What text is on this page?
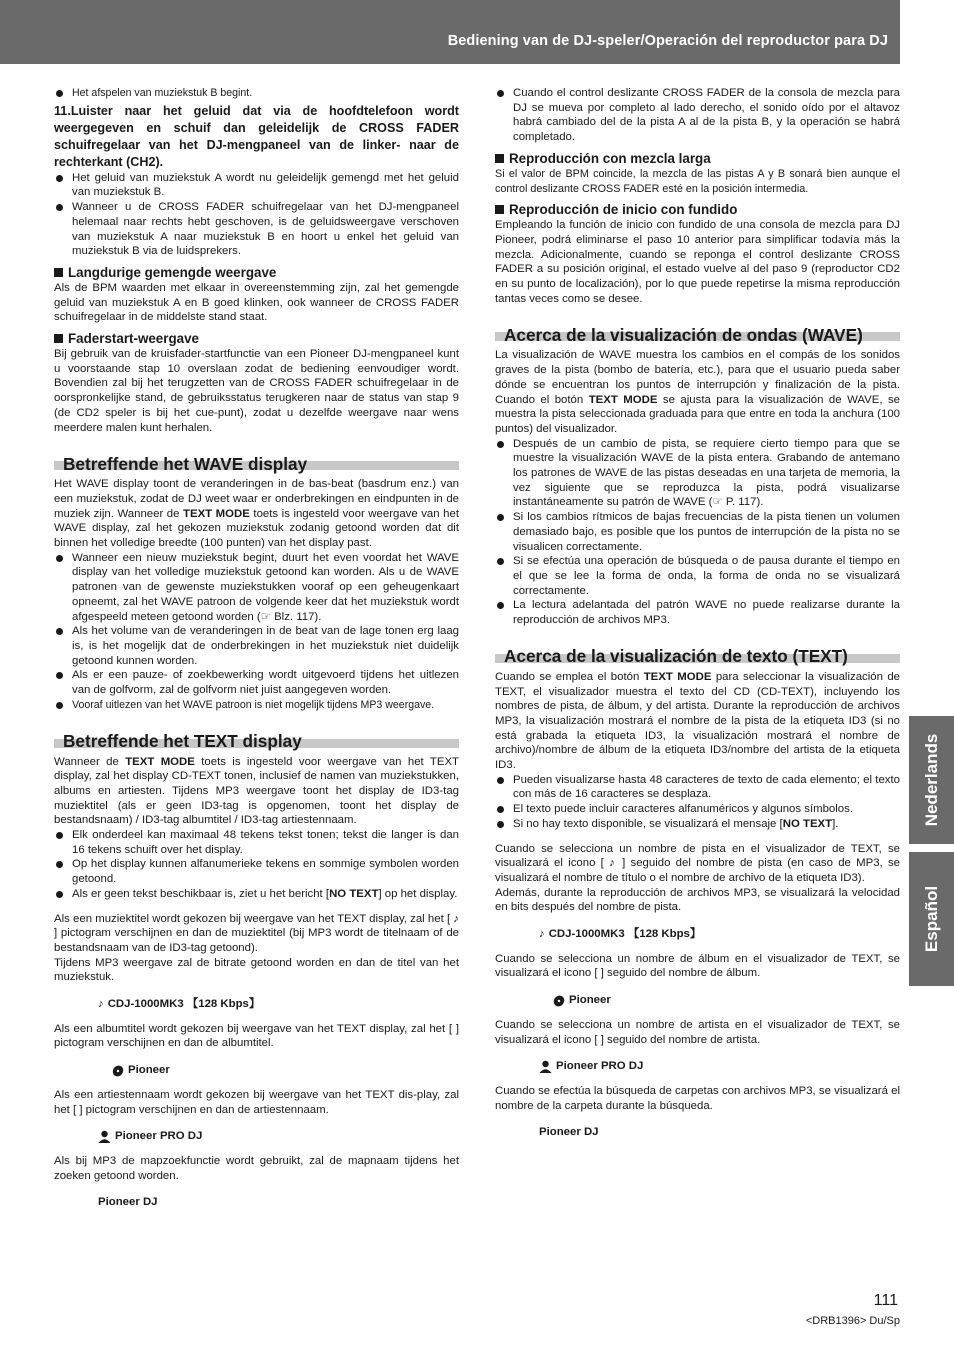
Bediening van de DJ-speler/Operación del reproductor para DJ

Het afspelen van muziekstuk B begint.

11.Luister naar het geluid dat via de hoofdtelefoon wordt weergegeven en schuif dan geleidelijk de CROSS FADER schuifregelaar van het DJ-mengpaneel van de linker- naar de rechterkant (CH2).

Het geluid van muziekstuk A wordt nu geleidelijk gemengd met het geluid van muziekstuk B.

Wanneer u de CROSS FADER schuifregelaar van het DJ-mengpaneel helemaal naar rechts hebt geschoven, is de geluidsweergave verschoven van muziekstuk A naar muziekstuk B en hoort u enkel het geluid van muziekstuk B via de luidsprekers.

Langdurige gemengde weergave

Als de BPM waarden met elkaar in overeenstemming zijn, zal het gemengde geluid van muziekstuk A en B goed klinken, ook wanneer de CROSS FADER schuifregelaar in de middelste stand staat.

Faderstart-weergave

Bij gebruik van de kruisfader-startfunctie van een Pioneer DJ-mengpaneel kunt u voorstaande stap 10 overslaan zodat de bediening eenvoudiger wordt. Bovendien zal bij het terugzetten van de CROSS FADER schuifregelaar in de oorspronkelijke stand, de gebruiksstatus terugkeren naar de status van stap 9 (de CD2 speler is bij het cue-punt), zodat u dezelfde weergave naar wens meerdere malen kunt herhalen.

Betreffende het WAVE display

Het WAVE display toont de veranderingen in de bas-beat (basdrum enz.) van een muziekstuk, zodat de DJ weet waar er onderbrekingen en eindpunten in de muziek zijn. Wanneer de TEXT MODE toets is ingesteld voor weergave van het WAVE display, zal het gekozen muziekstuk zodanig getoond worden dat dit binnen het volledige breedte (100 punten) van het display past.

Wanneer een nieuw muziekstuk begint, duurt het even voordat het WAVE display van het volledige muziekstuk getoond kan worden. Als u de WAVE patronen van de gewenste muziekstukken vooraf op een geheugenkaart opneemt, zal het WAVE patroon de volgende keer dat het muziekstuk wordt afgespeeld meteen getoond worden (☞ Blz. 117).

Als het volume van de veranderingen in de beat van de lage tonen erg laag is, is het mogelijk dat de onderbrekingen in het muziekstuk niet duidelijk getoond kunnen worden.

Als er een pauze- of zoekbewerking wordt uitgevoerd tijdens het uitlezen van de golfvorm, zal de golfvorm niet juist aangegeven worden.

Vooraf uitlezen van het WAVE patroon is niet mogelijk tijdens MP3 weergave.

Betreffende het TEXT display

Wanneer de TEXT MODE toets is ingesteld voor weergave van het TEXT display, zal het display CD-TEXT tonen, inclusief de namen van muziekstukken, albums en artiesten. Tijdens MP3 weergave toont het display de ID3-tag muziektitel (als er geen ID3-tag is opgenomen, toont het display de bestandsnaam) / ID3-tag albumtitel / ID3-tag artiestennaam.

Elk onderdeel kan maximaal 48 tekens tekst tonen; tekst die langer is dan 16 tekens schuift over het display.

Op het display kunnen alfanumerieke tekens en sommige symbolen worden getoond.

Als er geen tekst beschikbaar is, ziet u het bericht [NO TEXT] op het display.

Als een muziektitel wordt gekozen bij weergave van het TEXT display, zal het [ ♪ ] pictogram verschijnen en dan de muziektitel (bij MP3 wordt de titelnaam of de bestandsnaam van de ID3-tag getoond).
Tijdens MP3 weergave zal de bitrate getoond worden en dan de titel van het muziekstuk.

♪ CDJ-1000MK3 【128 Kbps】

Als een albumtitel wordt gekozen bij weergave van het TEXT display, zal het [ ] pictogram verschijnen en dan de albumtitel.

Pioneer

Als een artiestennaam wordt gekozen bij weergave van het TEXT dis-play, zal het [ ] pictogram verschijnen en dan de artiestennaam.

Pioneer PRO DJ

Als bij MP3 de mapzoekfunctie wordt gebruikt, zal de mapnaam tijdens het zoeken getoond worden.

Pioneer DJ

Cuando el control deslizante CROSS FADER de la consola de mezcla para DJ se mueva por completo al lado derecho, el sonido oído por el altavoz habrá cambiado del de la pista A al de la pista B, y la operación se habrá completado.

Reproducción con mezcla larga

Si el valor de BPM coincide, la mezcla de las pistas A y B sonará bien aunque el control deslizante CROSS FADER esté en la posición intermedia.

Reproducción de inicio con fundido

Empleando la función de inicio con fundido de una consola de mezcla para DJ Pioneer, podrá eliminarse el paso 10 anterior para simplificar todavía más la mezcla. Adicionalmente, cuando se reponga el control deslizante CROSS FADER a su posición original, el estado vuelve al del paso 9 (reproductor CD2 en su punto de localización), por lo que puede repetirse la misma reproducción tantas veces como se desee.

Acerca de la visualización de ondas (WAVE)

La visualización de WAVE muestra los cambios en el compás de los sonidos graves de la pista (bombo de batería, etc.), para que el usuario pueda saber dónde se encuentran los puntos de interrupción y finalización de la pista. Cuando el botón TEXT MODE se ajusta para la visualización de WAVE, se muestra la pista seleccionada graduada para que entre en toda la anchura (100 puntos) del visualizador.

Después de un cambio de pista, se requiere cierto tiempo para que se muestre la visualización WAVE de la pista entera. Grabando de antemano los patrones de WAVE de las pistas deseadas en una tarjeta de memoria, la vez siguiente que se reproduzca la pista, podrá visualizarse instantáneamente su patrón de WAVE (☞ P. 117).

Si los cambios rítmicos de bajas frecuencias de la pista tienen un volumen demasiado bajo, es posible que los puntos de interrupción de la pista no se visualicen correctamente.

Si se efectúa una operación de búsqueda o de pausa durante el tiempo en el que se lee la forma de onda, la forma de onda no se visualizará correctamente.

La lectura adelantada del patrón WAVE no puede realizarse durante la reproducción de archivos MP3.

Acerca de la visualización de texto (TEXT)

Cuando se emplea el botón TEXT MODE para seleccionar la visualización de TEXT, el visualizador muestra el texto del CD (CD-TEXT), incluyendo los nombres de pista, de álbum, y del artista. Durante la reproducción de archivos MP3, la visualización mostrará el nombre de la pista de la etiqueta ID3 (si no está grabada la etiqueta ID3, la visualización mostrará el nombre de archivo)/nombre de álbum de la etiqueta ID3/nombre del artista de la etiqueta ID3.

Pueden visualizarse hasta 48 caracteres de texto de cada elemento; el texto con más de 16 caracteres se desplaza.

El texto puede incluir caracteres alfanuméricos y algunos símbolos.

Si no hay texto disponible, se visualizará el mensaje [NO TEXT].

Cuando se selecciona un nombre de pista en el visualizador de TEXT, se visualizará el icono [ ♪ ] seguido del nombre de pista (en caso de MP3, se visualizará el nombre de título o el nombre de archivo de la etiqueta ID3).
Además, durante la reproducción de archivos MP3, se visualizará la velocidad en bits después del nombre de pista.

♪ CDJ-1000MK3 【128 Kbps】

Cuando se selecciona un nombre de álbum en el visualizador de TEXT, se visualizará el icono [ ] seguido del nombre de álbum.

Pioneer

Cuando se selecciona un nombre de artista en el visualizador de TEXT, se visualizará el icono [ ] seguido del nombre de artista.

Pioneer PRO DJ

Cuando se efectúa la búsqueda de carpetas con archivos MP3, se visualizará el nombre de la carpeta durante la búsqueda.

Pioneer DJ
Nederlands
Español
111
<DRB1396> Du/Sp
